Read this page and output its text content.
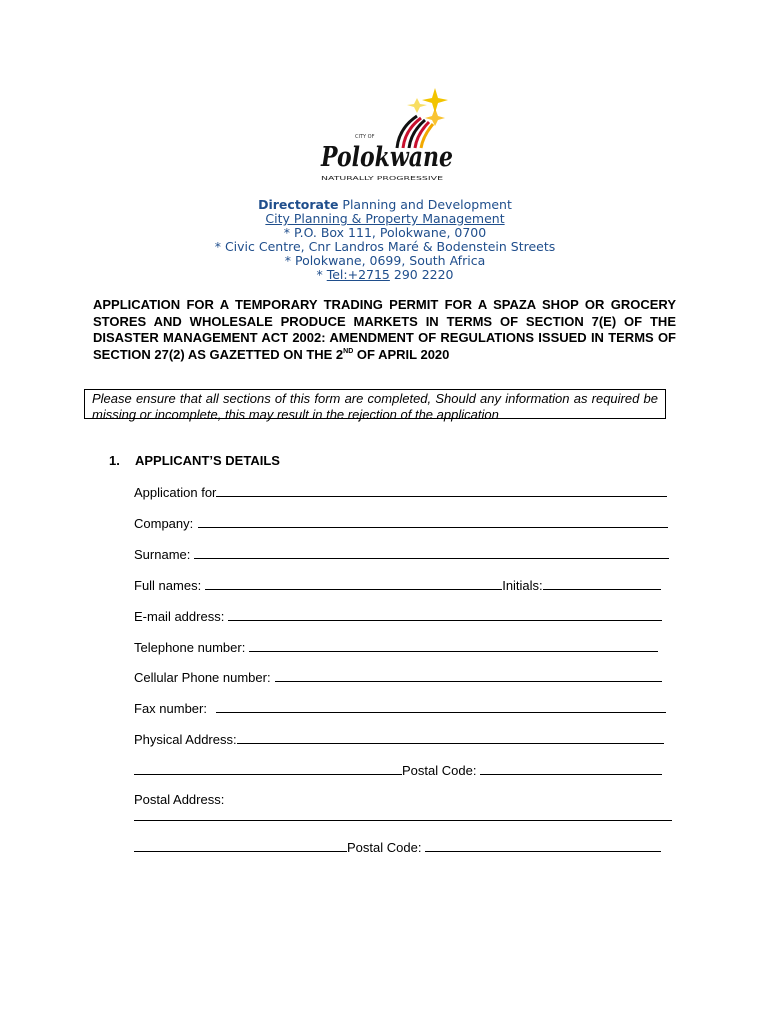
CITY OF
Polokwane
NATURALLY PROGRESSIVE
Directorate Planning and Development
City Planning & Property Management
* P.O. Box 111, Polokwane, 0700
* Civic Centre, Cnr Landros Maré & Bodenstein Streets
* Polokwane, 0699, South Africa
* Tel:+2715 290 2220
APPLICATION FOR A TEMPORARY TRADING PERMIT FOR A SPAZA SHOP OR GROCERY STORES AND WHOLESALE PRODUCE MARKETS IN TERMS OF SECTION 7(E) OF THE DISASTER MANAGEMENT ACT 2002: AMENDMENT OF REGULATIONS ISSUED IN TERMS OF SECTION 27(2) AS GAZETTED ON THE 2ND OF APRIL 2020
Please ensure that all sections of this form are completed, Should any information as required be missing or incomplete, this may result in the rejection of the application
1. APPLICANT’S DETAILS
Application for
Company:
Surname:
Full names:	Initials:
E-mail address:
Telephone number:
Cellular Phone number:
Fax number:
Physical Address:
Postal Code:
Postal Address:
Postal Code:
